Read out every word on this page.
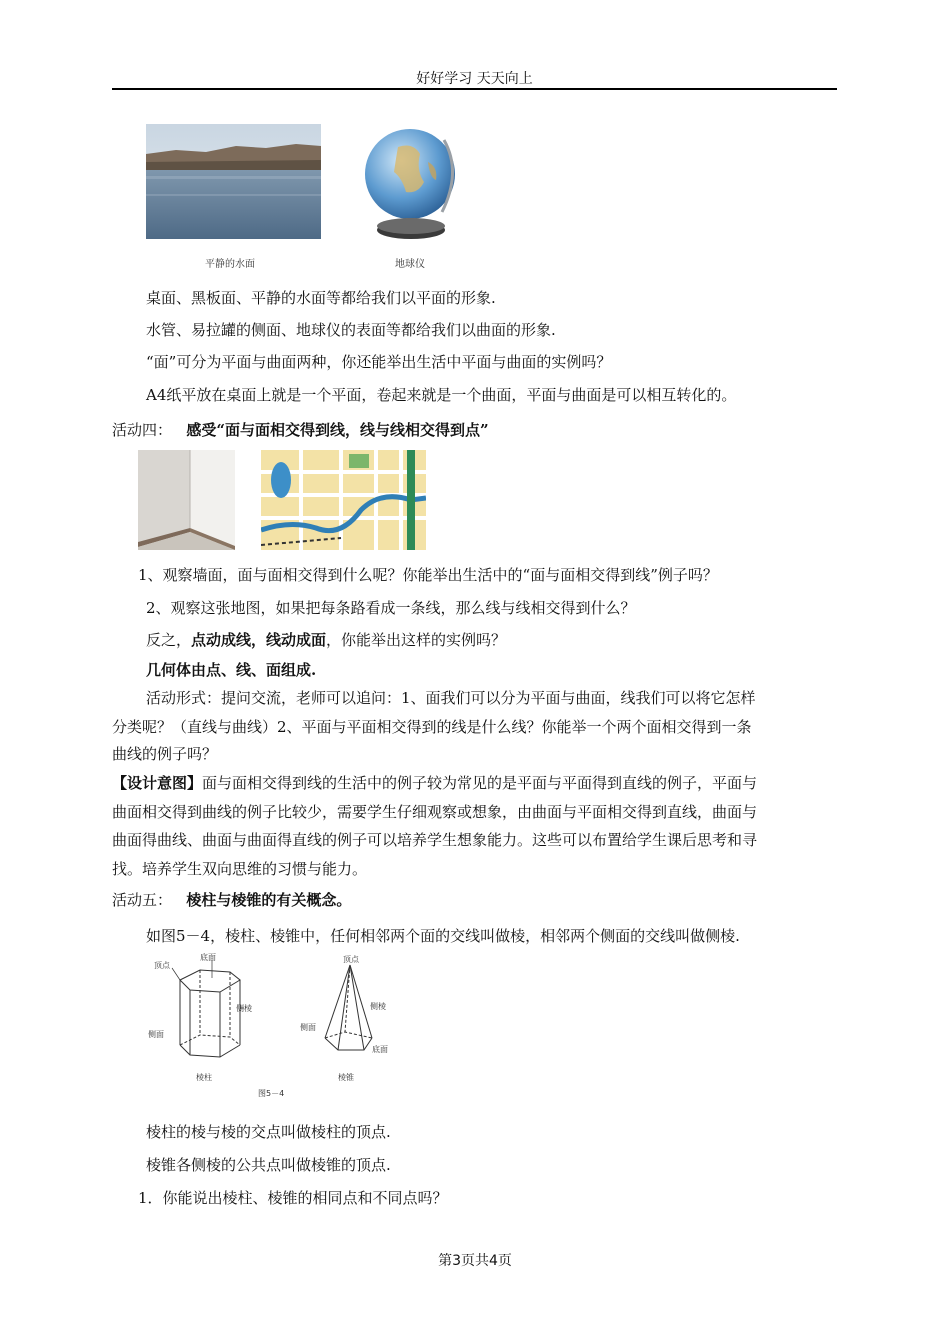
好好学习 天天向上
平静的水面	地球仪
桌面、黑板面、平静的水面等都给我们以平面的形象.
水管、易拉罐的侧面、地球仪的表面等都给我们以曲面的形象.
“面”可分为平面与曲面两种，你还能举出生活中平面与曲面的实例吗？
A4纸平放在桌面上就是一个平面，卷起来就是一个曲面，平面与曲面是可以相互转化的。
活动四： 感受“面与面相交得到线，线与线相交得到点”
1、观察墙面，面与面相交得到什么呢？你能举出生活中的“面与面相交得到线”例子吗？
2、观察这张地图，如果把每条路看成一条线，那么线与线相交得到什么？
反之，点动成线，线动成面，你能举出这样的实例吗？
几何体由点、线、面组成.
活动形式：提问交流，老师可以追问：1、面我们可以分为平面与曲面，线我们可以将它怎样
分类呢？（直线与曲线）2、平面与平面相交得到的线是什么线？你能举一个两个面相交得到一条
曲线的例子吗？
【设计意图】面与面相交得到线的生活中的例子较为常见的是平面与平面得到直线的例子，平面与
曲面相交得到曲线的例子比较少，需要学生仔细观察或想象，由曲面与平面相交得到直线，曲面与
曲面得曲线、曲面与曲面得直线的例子可以培养学生想象能力。这些可以布置给学生课后思考和寻
找。培养学生双向思维的习惯与能力。
活动五： 棱柱与棱锥的有关概念。
如图5－4，棱柱、棱锥中，任何相邻两个面的交线叫做棱，相邻两个侧面的交线叫做侧棱.
顶点
底面
侧棱
侧面
棱柱
顶点
侧棱
侧面
底面
棱锥
图5－4
棱柱的棱与棱的交点叫做棱柱的顶点.
棱锥各侧棱的公共点叫做棱锥的顶点.
1．你能说出棱柱、棱锥的相同点和不同点吗？
第3页共4页
